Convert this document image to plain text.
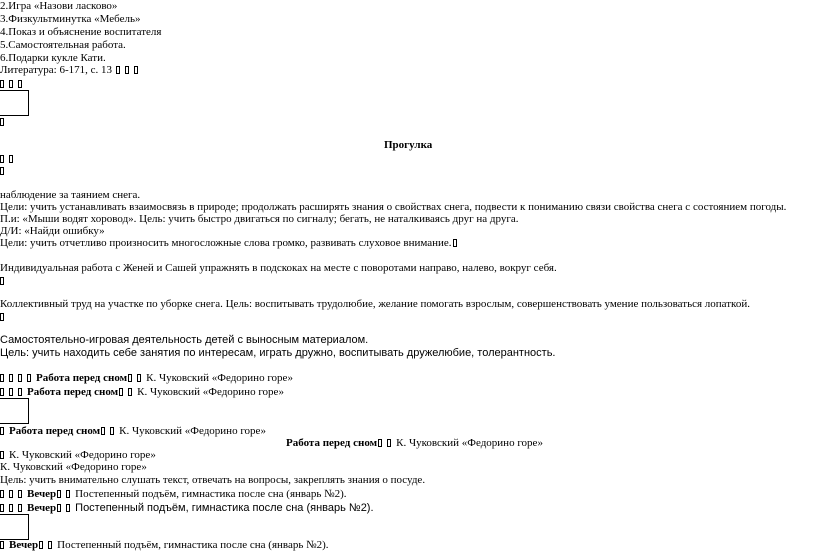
2.Игра «Назови ласково»
3.Физкультминутка «Мебель»
4.Показ и объяснение воспитателя
5.Самостоятельная работа.
6.Подарки кукле Кати.
Литература: 6-171, с. 13
Прогулка
наблюдение за таянием снега.
Цели: учить устанавливать взаимосвязь в природе; продолжать расширять знания о свойствах снега, подвести к пониманию связи свойства снега с состоянием погоды.
П.и: «Мыши водят хоровод». Цель: учить быстро двигаться по сигналу; бегать, не наталкиваясь друг на друга.
Д/И: «Найди ошибку»
Цели: учить отчетливо произносить многосложные слова громко, развивать слуховое внимание.
Индивидуальная работа с Женей и Сашей упражнять в подскоках на месте с поворотами направо, налево, вокруг себя.
Коллективный труд на участке по уборке снега. Цель: воспитывать трудолюбие, желание помогать взрослым, совершенствовать умение пользоваться лопаткой.
Самостоятельно-игровая деятельность детей с выносным материалом.
Цель: учить находить себе занятия по интересам, играть дружно, воспитывать дружелюбие, толерантность.
Работа перед сном К. Чуковский «Федорино горе»
Работа перед сном К. Чуковский «Федорино горе»
Работа перед сном К. Чуковский «Федорино горе»
Работа перед сном К. Чуковский «Федорино горе»
К. Чуковский «Федорино горе»
К. Чуковский «Федорино горе»
Цель: учить внимательно слушать текст, отвечать на вопросы, закреплять знания о посуде.
Вечер Постепенный подъём, гимнастика после сна (январь №2).
Вечер Постепенный подъём, гимнастика после сна (январь №2).
Вечер Постепенный подъём, гимнастика после сна (январь №2).
